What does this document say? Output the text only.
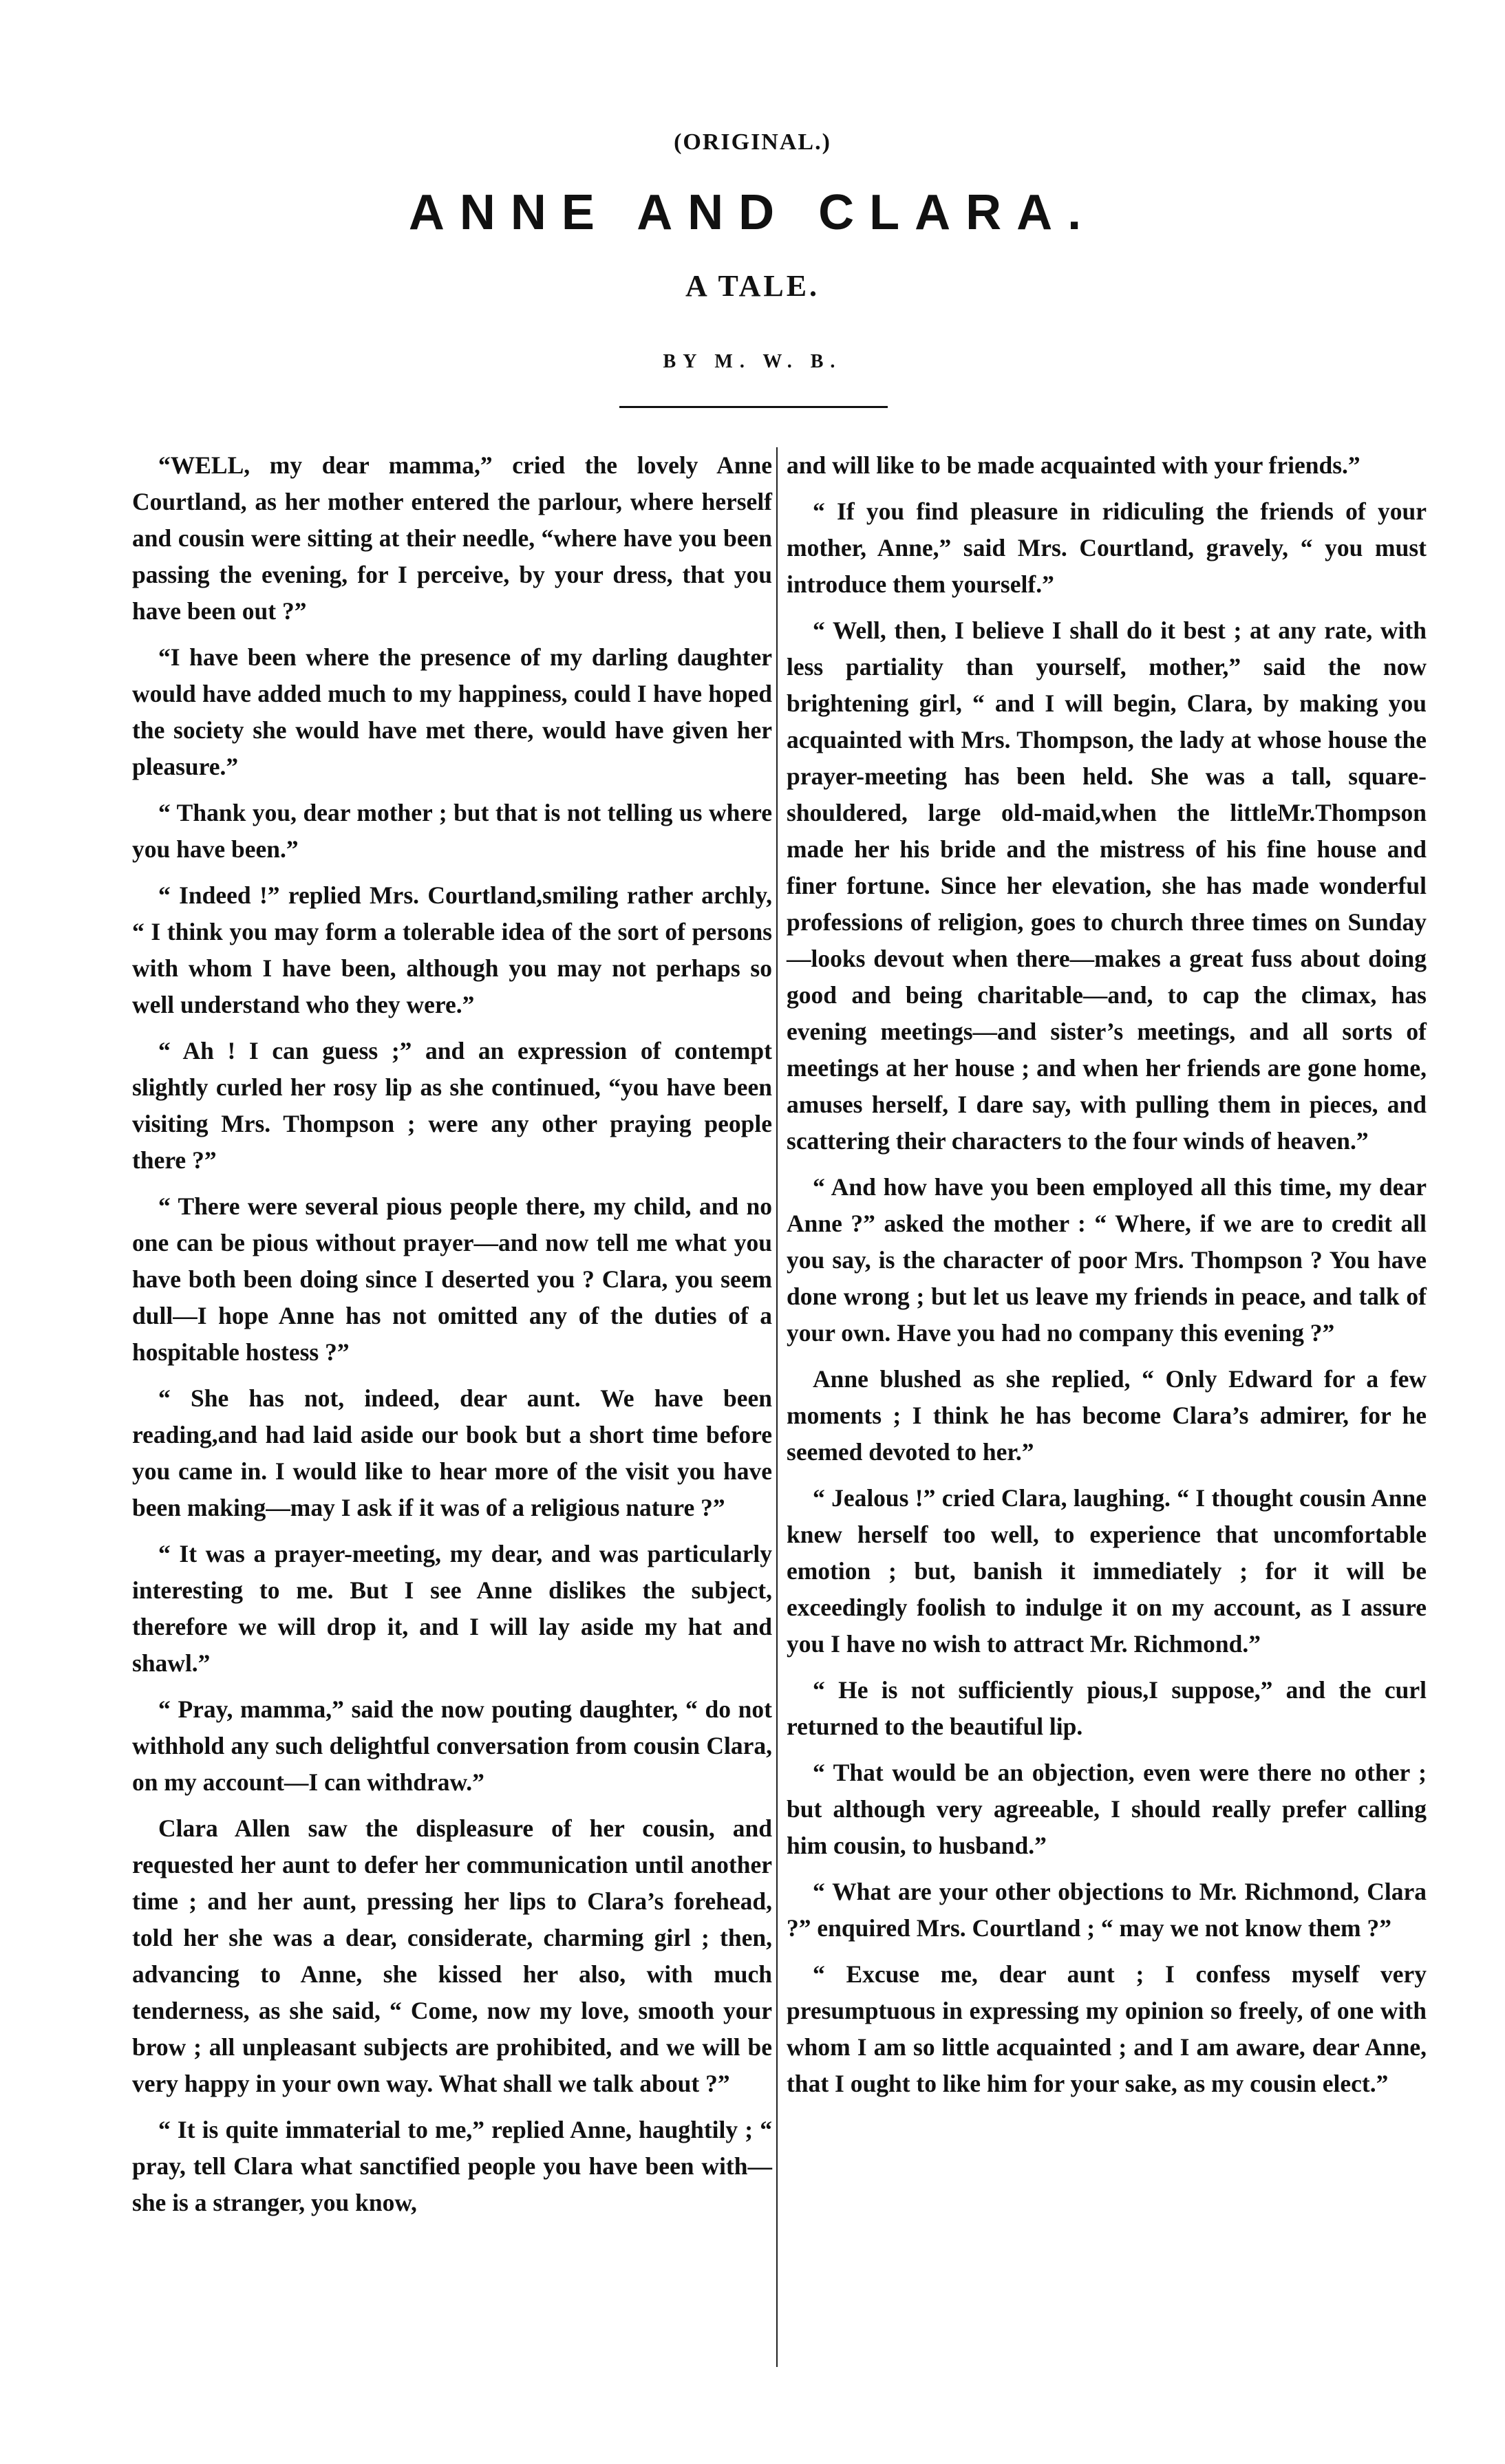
(ORIGINAL.)
ANNE AND CLARA.
A TALE.
BY M. W. B.

“WELL, my dear mamma,” cried the lovely Anne Courtland, as her mother entered the parlour, where herself and cousin were sitting at their needle, “where have you been passing the evening, for I perceive, by your dress, that you have been out ?”

“I have been where the presence of my darling daughter would have added much to my happiness, could I have hoped the society she would have met there, would have given her pleasure.”

“ Thank you, dear mother ; but that is not telling us where you have been.”

“ Indeed !” replied Mrs. Courtland,smiling rather archly, “ I think you may form a tolerable idea of the sort of persons with whom I have been, although you may not perhaps so well understand who they were.”

“ Ah ! I can guess ;” and an expression of contempt slightly curled her rosy lip as she continued, “you have been visiting Mrs. Thompson ; were any other praying people there ?”

“ There were several pious people there, my child, and no one can be pious without prayer—and now tell me what you have both been doing since I deserted you ? Clara, you seem dull—I hope Anne has not omitted any of the duties of a hospitable hostess ?”

“ She has not, indeed, dear aunt. We have been reading,and had laid aside our book but a short time before you came in. I would like to hear more of the visit you have been making—may I ask if it was of a religious nature ?”

“ It was a prayer-meeting, my dear, and was particularly interesting to me. But I see Anne dislikes the subject, therefore we will drop it, and I will lay aside my hat and shawl.”

“ Pray, mamma,” said the now pouting daughter, “ do not withhold any such delightful conversation from cousin Clara, on my account—I can withdraw.”

Clara Allen saw the displeasure of her cousin, and requested her aunt to defer her communication until another time ; and her aunt, pressing her lips to Clara’s forehead, told her she was a dear, considerate, charming girl ; then, advancing to Anne, she kissed her also, with much tenderness, as she said, “ Come, now my love, smooth your brow ; all unpleasant subjects are prohibited, and we will be very happy in your own way. What shall we talk about ?”

“ It is quite immaterial to me,” replied Anne, haughtily ; “ pray, tell Clara what sanctified people you have been with—she is a stranger, you know,

and will like to be made acquainted with your friends.”

“ If you find pleasure in ridiculing the friends of your mother, Anne,” said Mrs. Courtland, gravely, “ you must introduce them yourself.”

“ Well, then, I believe I shall do it best ; at any rate, with less partiality than yourself, mother,” said the now brightening girl, “ and I will begin, Clara, by making you acquainted with Mrs. Thompson, the lady at whose house the prayer-meeting has been held. She was a tall, square-shouldered, large old-maid,when the littleMr.Thompson made her his bride and the mistress of his fine house and finer fortune. Since her elevation, she has made wonderful professions of religion, goes to church three times on Sunday—looks devout when there—makes a great fuss about doing good and being charitable—and, to cap the climax, has evening meetings—and sister’s meetings, and all sorts of meetings at her house ; and when her friends are gone home, amuses herself, I dare say, with pulling them in pieces, and scattering their characters to the four winds of heaven.”

“ And how have you been employed all this time, my dear Anne ?” asked the mother : “ Where, if we are to credit all you say, is the character of poor Mrs. Thompson ? You have done wrong ; but let us leave my friends in peace, and talk of your own. Have you had no company this evening ?”

Anne blushed as she replied, “ Only Edward for a few moments ; I think he has become Clara’s admirer, for he seemed devoted to her.”

“ Jealous !” cried Clara, laughing. “ I thought cousin Anne knew herself too well, to experience that uncomfortable emotion ; but, banish it immediately ; for it will be exceedingly foolish to indulge it on my account, as I assure you I have no wish to attract Mr. Richmond.”

“ He is not sufficiently pious,I suppose,” and the curl returned to the beautiful lip.

“ That would be an objection, even were there no other ; but although very agreeable, I should really prefer calling him cousin, to husband.”

“ What are your other objections to Mr. Richmond, Clara ?” enquired Mrs. Courtland ; “ may we not know them ?”

“ Excuse me, dear aunt ; I confess myself very presumptuous in expressing my opinion so freely, of one with whom I am so little acquainted ; and I am aware, dear Anne, that I ought to like him for your sake, as my cousin elect.”
